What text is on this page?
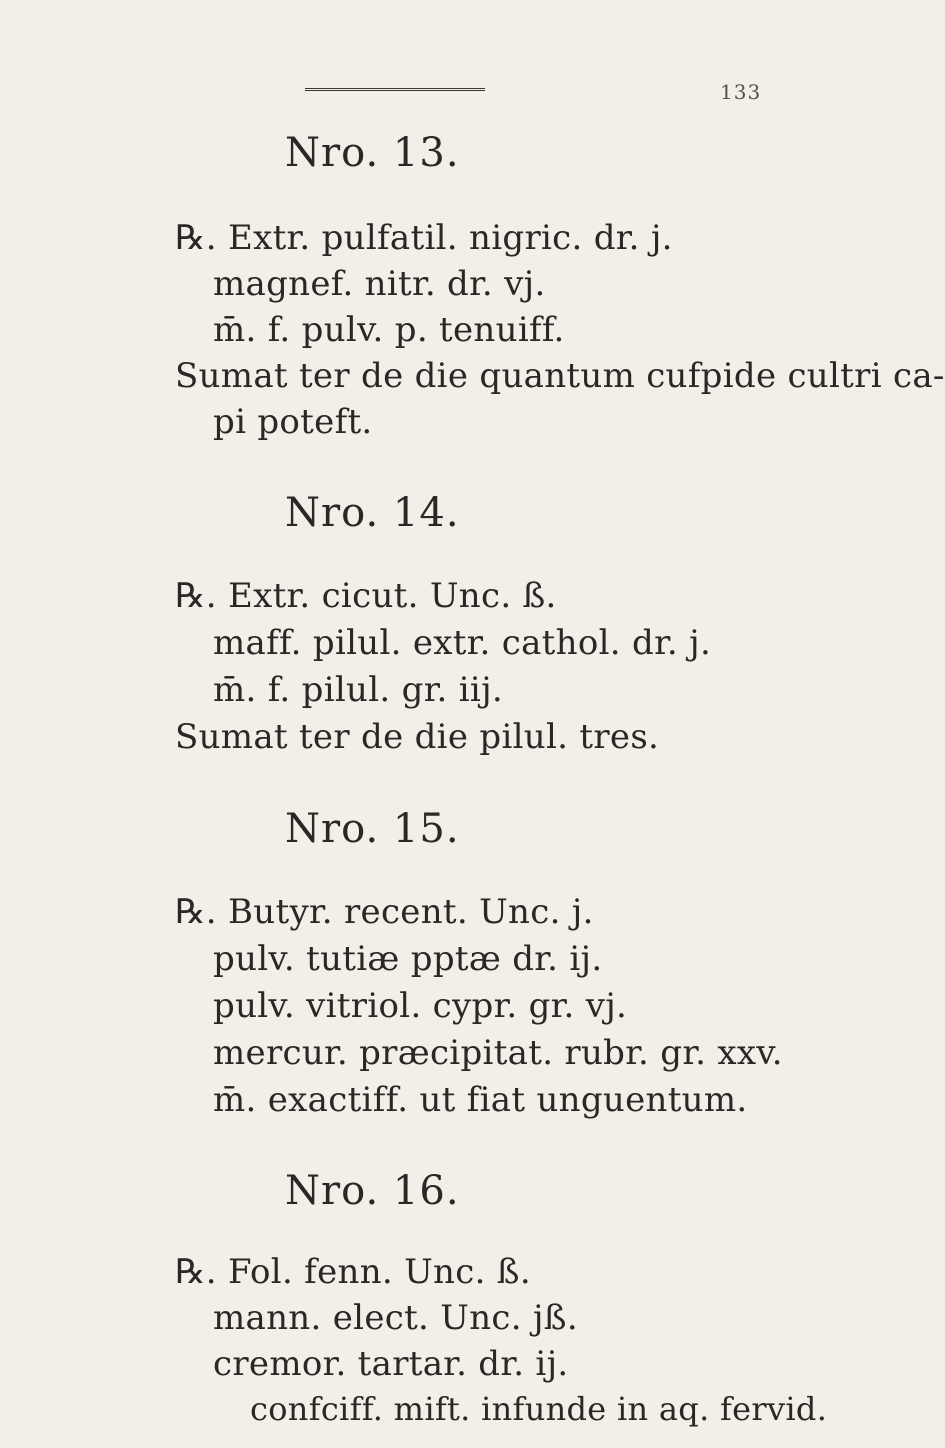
133
Nro. 13.
℞. Extr. pulfatil. nigric. dr. j.
magnef. nitr. dr. vj.
m̄. f. pulv. p. tenuiff.
Sumat ter de die quantum cufpide cultri ca-
pi poteft.
Nro. 14.
℞. Extr. cicut. Unc. ß.
maff. pilul. extr. cathol. dr. j.
m̄. f. pilul. gr. iij.
Sumat ter de die pilul. tres.
Nro. 15.
℞. Butyr. recent. Unc. j.
pulv. tutiæ pptæ dr. ij.
pulv. vitriol. cypr. gr. vj.
mercur. præcipitat. rubr. gr. xxv.
m̄. exactiff. ut fiat unguentum.
Nro. 16.
℞. Fol. fenn. Unc. ß.
mann. elect. Unc. jß.
cremor. tartar. dr. ij.
confciff. mift. infunde in aq. fervid.
